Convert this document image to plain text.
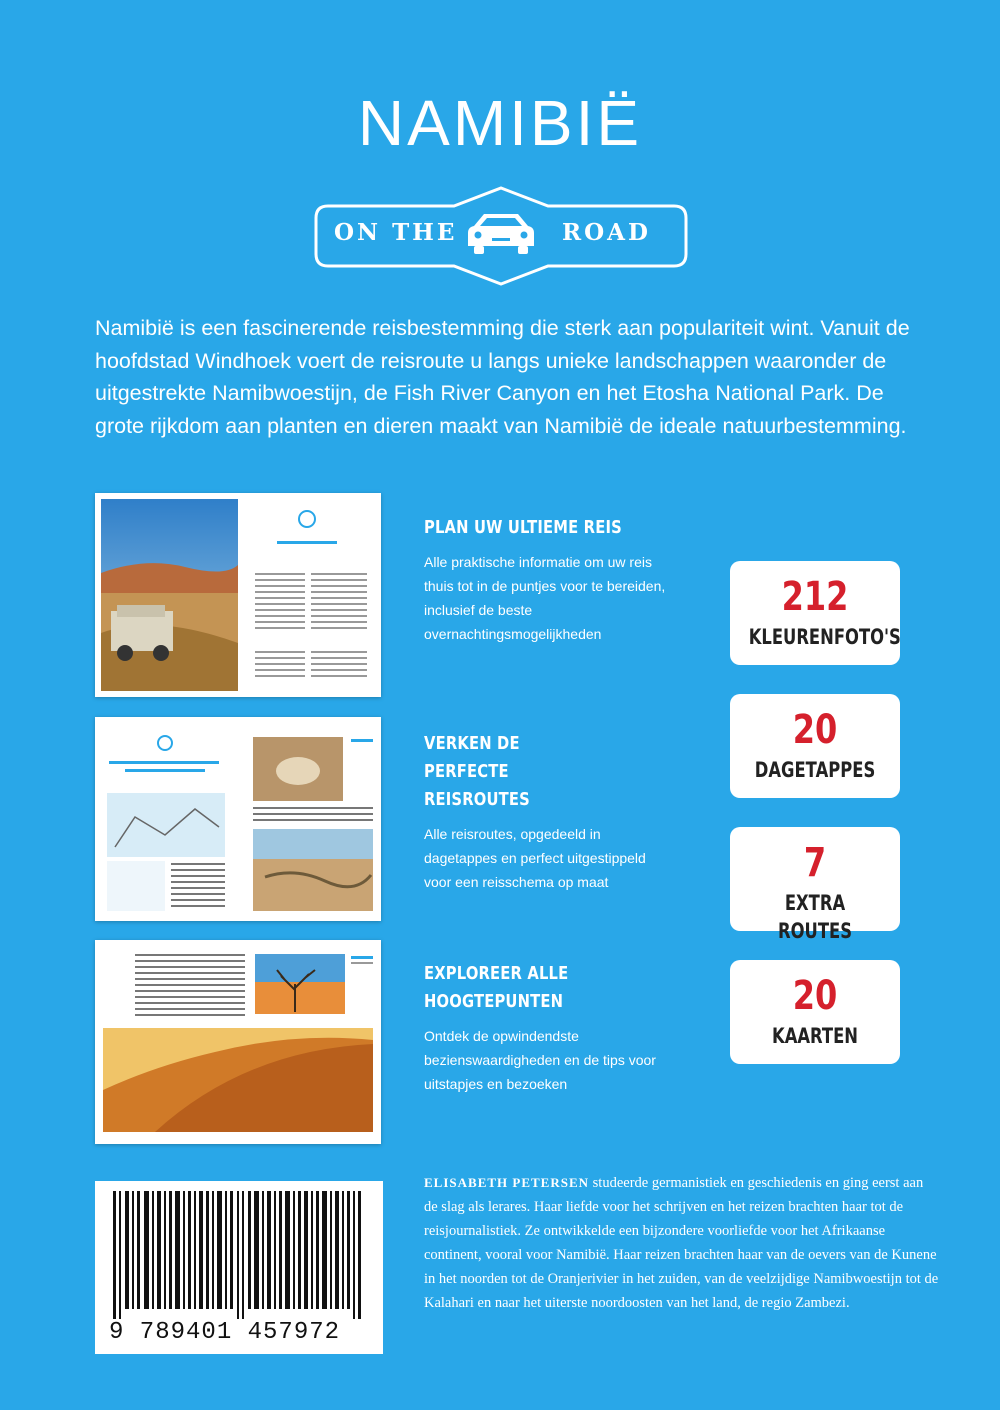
NAMIBIË
ON THE	ROAD

Namibië is een fascinerende reisbestemming die sterk aan populariteit wint. Vanuit de hoofdstad Windhoek voert de reisroute u langs unieke landschappen waaronder de uitgestrekte Namibwoestijn, de Fish River Canyon en het Etosha National Park. De grote rijkdom aan planten en dieren maakt van Namibië de ideale natuurbestemming.

PLAN UW ULTIEME REIS

Alle praktische informatie om uw reis thuis tot in de puntjes voor te bereiden, inclusief de beste overnachtingsmogelijkheden

VERKEN DE PERFECTE REISROUTES

Alle reisroutes, opgedeeld in dagetappes en perfect uitgestippeld voor een reisschema op maat

EXPLOREER ALLE HOOGTEPUNTEN

Ontdek de opwindendste bezienswaardigheden en de tips voor uitstapjes en bezoeken

212
KLEURENFOTO'S
20
DAGETAPPES
7
EXTRA ROUTES
20
KAARTEN
9 789401 457972

ELISABETH PETERSEN studeerde germanistiek en geschiedenis en ging eerst aan de slag als lerares. Haar liefde voor het schrijven en het reizen brachten haar tot de reisjournalistiek. Ze ontwikkelde een bijzondere voorliefde voor het Afrikaanse continent, vooral voor Namibië. Haar reizen brachten haar van de oevers van de Kunene in het noorden tot de Oranjerivier in het zuiden, van de veelzijdige Namibwoestijn tot de Kalahari en naar het uiterste noordoosten van het land, de regio Zambezi.
